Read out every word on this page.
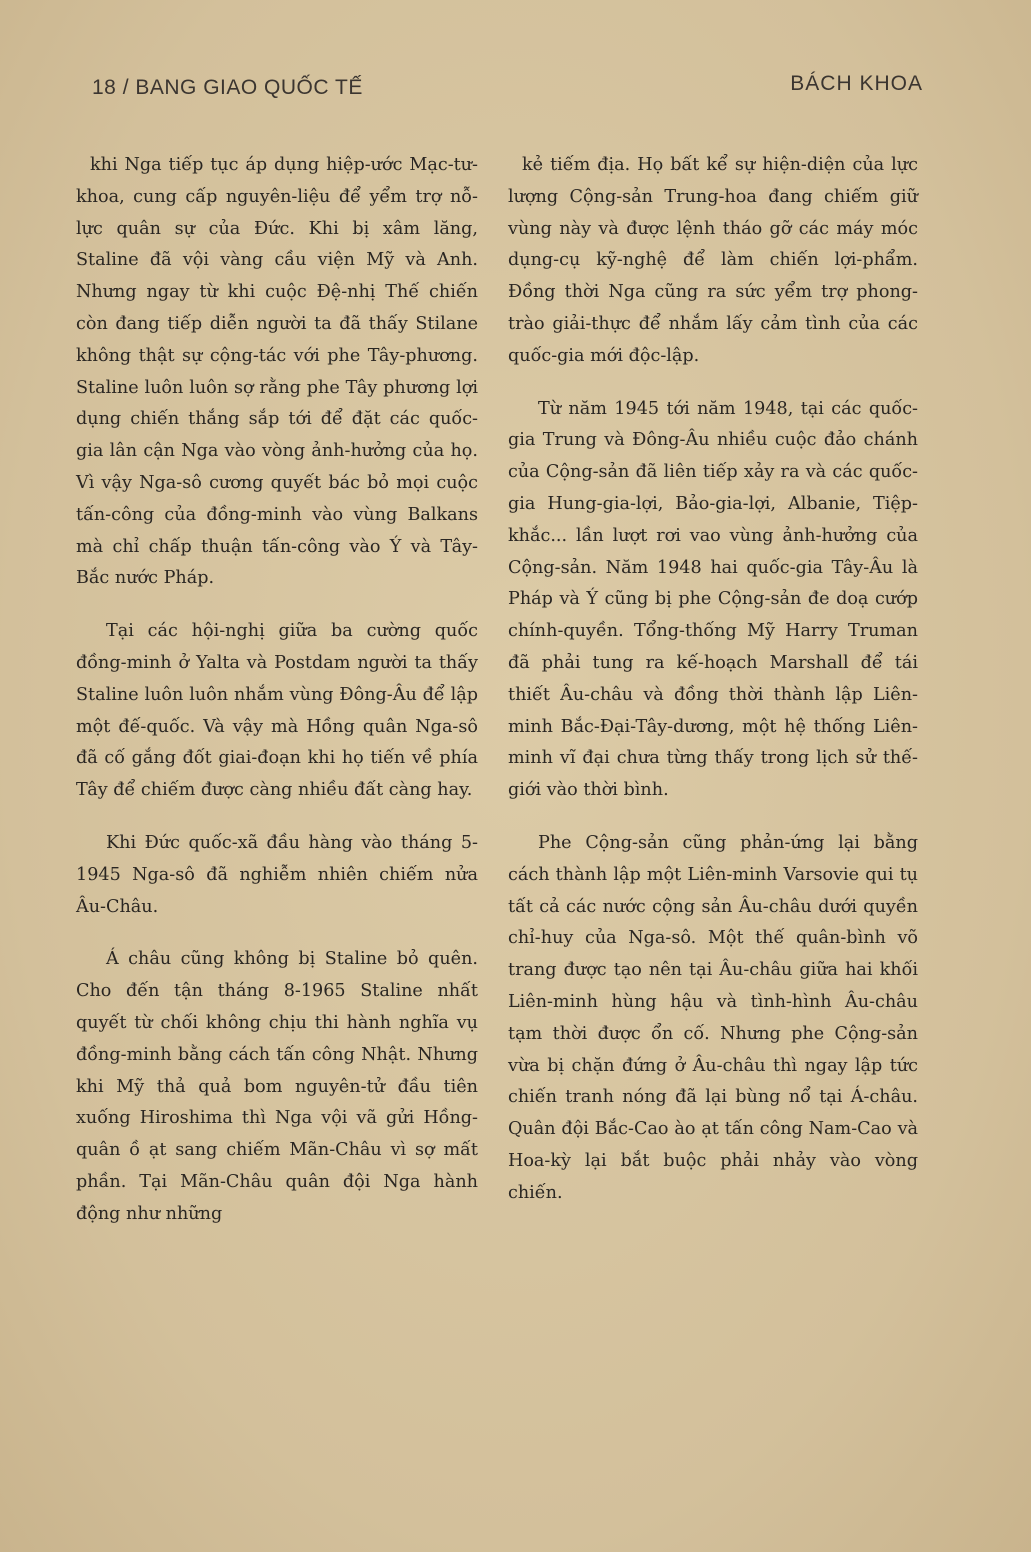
18 / BANG GIAO QUỐC TẾ	BÁCH KHOA

khi Nga tiếp tục áp dụng hiệp-ước Mạc-tư-khoa, cung cấp nguyên-liệu để yểm trợ nỗ-lực quân sự của Đức. Khi bị xâm lăng, Staline đã vội vàng cầu viện Mỹ và Anh. Nhưng ngay từ khi cuộc Đệ-nhị Thế chiến còn đang tiếp diễn người ta đã thấy Stilane không thật sự cộng-tác với phe Tây-phương. Staline luôn luôn sợ rằng phe Tây phương lợi dụng chiến thắng sắp tới để đặt các quốc-gia lân cận Nga vào vòng ảnh-hưởng của họ. Vì vậy Nga-sô cương quyết bác bỏ mọi cuộc tấn-công của đồng-minh vào vùng Balkans mà chỉ chấp thuận tấn-công vào Ý và Tây-Bắc nước Pháp.

Tại các hội-nghị giữa ba cường quốc đồng-minh ở Yalta và Postdam người ta thấy Staline luôn luôn nhắm vùng Đông-Âu để lập một đế-quốc. Và vậy mà Hồng quân Nga-sô đã cố gắng đốt giai-đoạn khi họ tiến về phía Tây để chiếm được càng nhiều đất càng hay.

Khi Đức quốc-xã đầu hàng vào tháng 5-1945 Nga-sô đã nghiễm nhiên chiếm nửa Âu-Châu.

Á châu cũng không bị Staline bỏ quên. Cho đến tận tháng 8-1965 Staline nhất quyết từ chối không chịu thi hành nghĩa vụ đồng-minh bằng cách tấn công Nhật. Nhưng khi Mỹ thả quả bom nguyên-tử đầu tiên xuống Hiroshima thì Nga vội vã gửi Hồng-quân ồ ạt sang chiếm Mãn-Châu vì sợ mất phần. Tại Mãn-Châu quân đội Nga hành động như những

kẻ tiếm địa. Họ bất kể sự hiện-diện của lực lượng Cộng-sản Trung-hoa đang chiếm giữ vùng này và được lệnh tháo gỡ các máy móc dụng-cụ kỹ-nghệ để làm chiến lợi-phẩm. Đồng thời Nga cũng ra sức yểm trợ phong-trào giải-thực để nhắm lấy cảm tình của các quốc-gia mới độc-lập.

Từ năm 1945 tới năm 1948, tại các quốc-gia Trung và Đông-Âu nhiều cuộc đảo chánh của Cộng-sản đã liên tiếp xảy ra và các quốc-gia Hung-gia-lợi, Bảo-gia-lợi, Albanie, Tiệp-khắc... lần lượt rơi vao vùng ảnh-hưởng của Cộng-sản. Năm 1948 hai quốc-gia Tây-Âu là Pháp và Ý cũng bị phe Cộng-sản đe doạ cướp chính-quyền. Tổng-thống Mỹ Harry Truman đã phải tung ra kế-hoạch Marshall để tái thiết Âu-châu và đồng thời thành lập Liên-minh Bắc-Đại-Tây-dương, một hệ thống Liên-minh vĩ đại chưa từng thấy trong lịch sử thế-giới vào thời bình.

Phe Cộng-sản cũng phản-ứng lại bằng cách thành lập một Liên-minh Varsovie qui tụ tất cả các nước cộng sản Âu-châu dưới quyền chỉ-huy của Nga-sô. Một thế quân-bình võ trang được tạo nên tại Âu-châu giữa hai khối Liên-minh hùng hậu và tình-hình Âu-châu tạm thời được ổn cố. Nhưng phe Cộng-sản vừa bị chặn đứng ở Âu-châu thì ngay lập tức chiến tranh nóng đã lại bùng nổ tại Á-châu. Quân đội Bắc-Cao ào ạt tấn công Nam-Cao và Hoa-kỳ lại bắt buộc phải nhảy vào vòng chiến.
